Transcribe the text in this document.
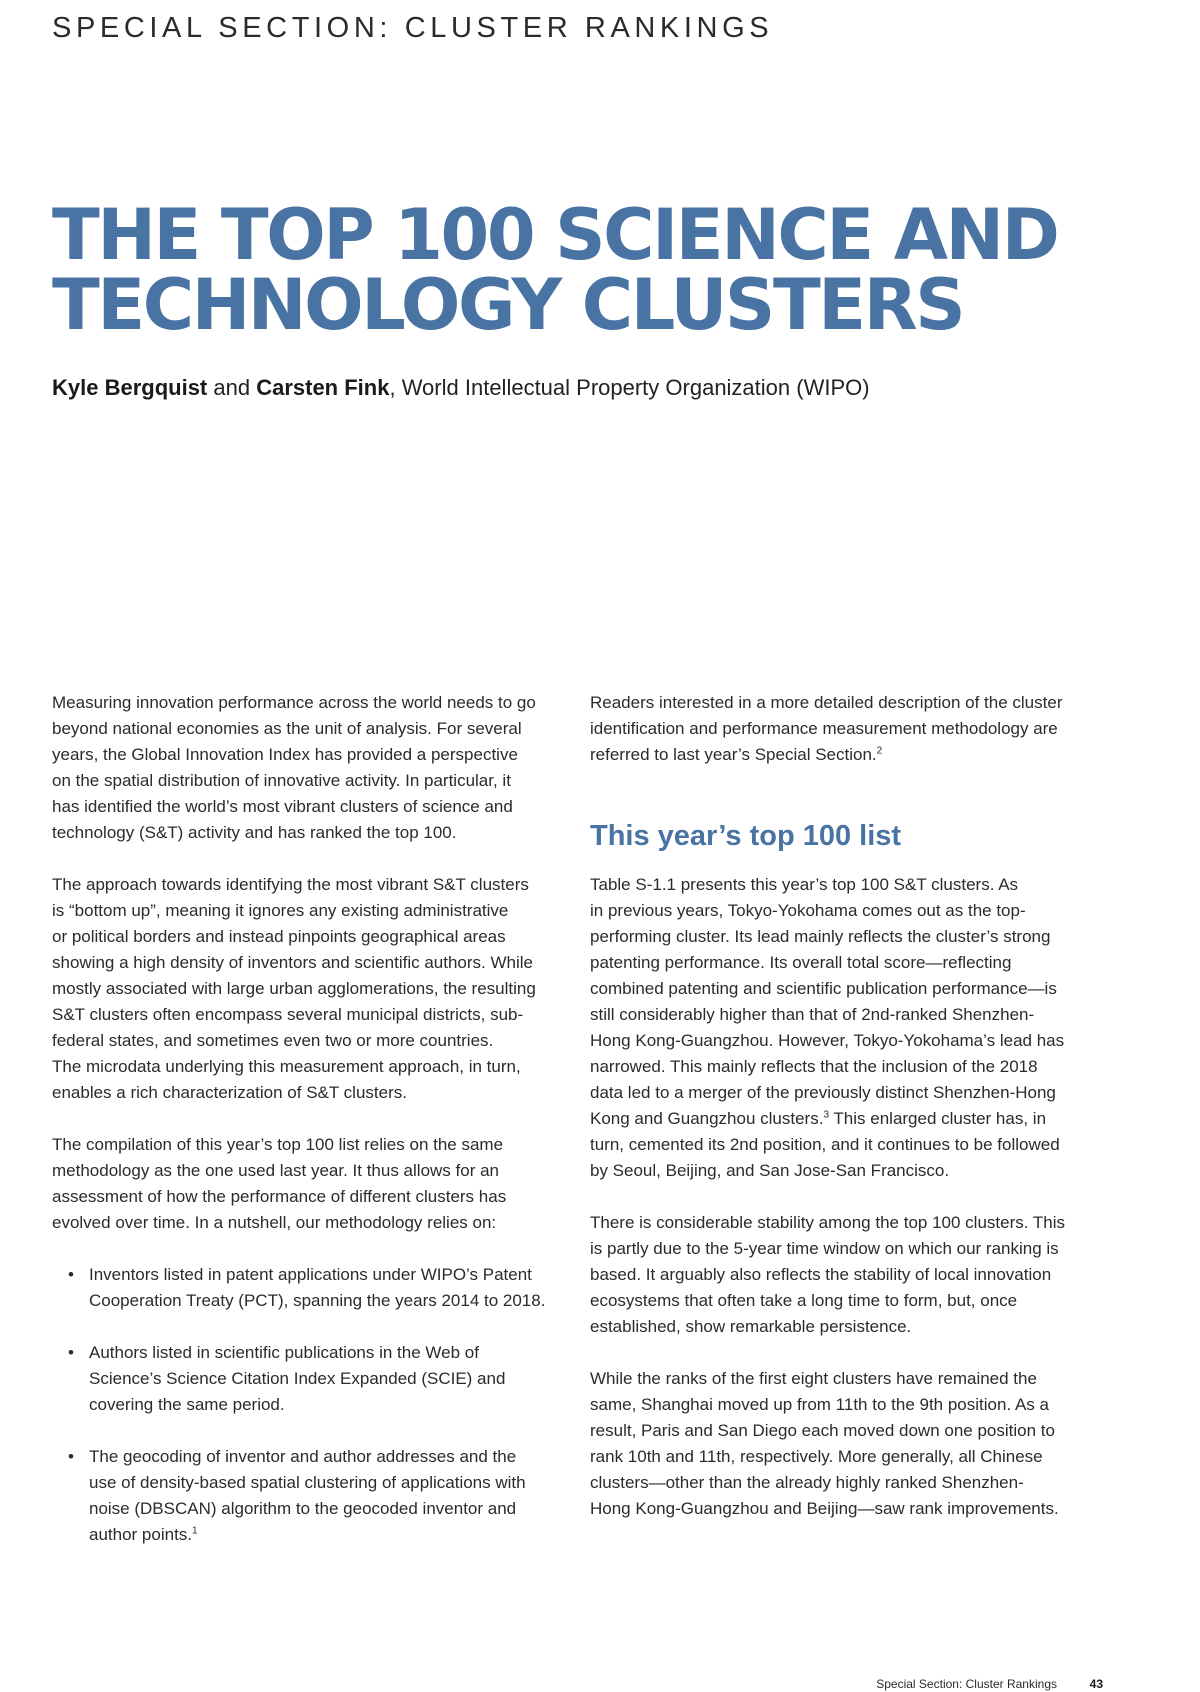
SPECIAL SECTION: CLUSTER RANKINGS
THE TOP 100 SCIENCE AND
TECHNOLOGY CLUSTERS
Kyle Bergquist and Carsten Fink, World Intellectual Property Organization (WIPO)

Measuring innovation performance across the world needs to go
beyond national economies as the unit of analysis. For several
years, the Global Innovation Index has provided a perspective
on the spatial distribution of innovative activity. In particular, it
has identified the world’s most vibrant clusters of science and
technology (S&T) activity and has ranked the top 100.

The approach towards identifying the most vibrant S&T clusters
is “bottom up”, meaning it ignores any existing administrative
or political borders and instead pinpoints geographical areas
showing a high density of inventors and scientific authors. While
mostly associated with large urban agglomerations, the resulting
S&T clusters often encompass several municipal districts, sub-
federal states, and sometimes even two or more countries.
The microdata underlying this measurement approach, in turn,
enables a rich characterization of S&T clusters.

The compilation of this year’s top 100 list relies on the same
methodology as the one used last year. It thus allows for an
assessment of how the performance of different clusters has
evolved over time. In a nutshell, our methodology relies on:

• Inventors listed in patent applications under WIPO’s Patent
Cooperation Treaty (PCT), spanning the years 2014 to 2018.
• Authors listed in scientific publications in the Web of
Science’s Science Citation Index Expanded (SCIE) and
covering the same period.
• The geocoding of inventor and author addresses and the
use of density-based spatial clustering of applications with
noise (DBSCAN) algorithm to the geocoded inventor and
author points.$^1$

Readers interested in a more detailed description of the cluster
identification and performance measurement methodology are
referred to last year’s Special Section.$^2$

This year’s top 100 list

Table S-1.1 presents this year’s top 100 S&T clusters. As
in previous years, Tokyo-Yokohama comes out as the top-
performing cluster. Its lead mainly reflects the cluster’s strong
patenting performance. Its overall total score—reflecting
combined patenting and scientific publication performance—is
still considerably higher than that of 2nd-ranked Shenzhen-
Hong Kong-Guangzhou. However, Tokyo-Yokohama’s lead has
narrowed. This mainly reflects that the inclusion of the 2018
data led to a merger of the previously distinct Shenzhen-Hong
Kong and Guangzhou clusters.$^3$ This enlarged cluster has, in
turn, cemented its 2nd position, and it continues to be followed
by Seoul, Beijing, and San Jose-San Francisco.

There is considerable stability among the top 100 clusters. This
is partly due to the 5-year time window on which our ranking is
based. It arguably also reflects the stability of local innovation
ecosystems that often take a long time to form, but, once
established, show remarkable persistence.

While the ranks of the first eight clusters have remained the
same, Shanghai moved up from 11th to the 9th position. As a
result, Paris and San Diego each moved down one position to
rank 10th and 11th, respectively. More generally, all Chinese
clusters—other than the already highly ranked Shenzhen-
Hong Kong-Guangzhou and Beijing—saw rank improvements.

Special Section: Cluster Rankings	43
